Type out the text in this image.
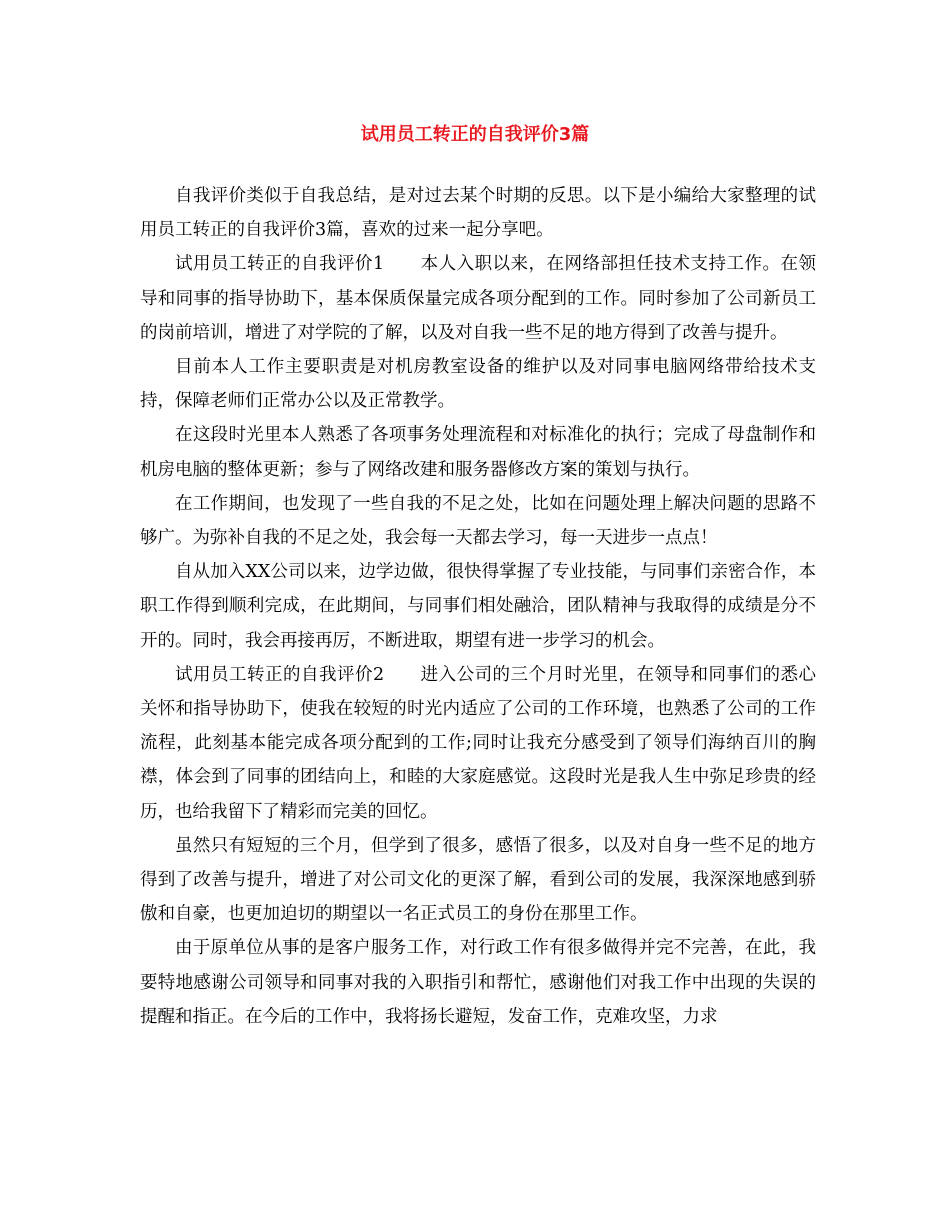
试用员工转正的自我评价3篇

自我评价类似于自我总结，是对过去某个时期的反思。以下是小编给大家整理的试用员工转正的自我评价3篇，喜欢的过来一起分享吧。

试用员工转正的自我评价1　　本人入职以来，在网络部担任技术支持工作。在领导和同事的指导协助下，基本保质保量完成各项分配到的工作。同时参加了公司新员工的岗前培训，增进了对学院的了解，以及对自我一些不足的地方得到了改善与提升。

目前本人工作主要职责是对机房教室设备的维护以及对同事电脑网络带给技术支持，保障老师们正常办公以及正常教学。

在这段时光里本人熟悉了各项事务处理流程和对标准化的执行；完成了母盘制作和机房电脑的整体更新；参与了网络改建和服务器修改方案的策划与执行。

在工作期间，也发现了一些自我的不足之处，比如在问题处理上解决问题的思路不够广。为弥补自我的不足之处，我会每一天都去学习，每一天进步一点点！

自从加入XX公司以来，边学边做，很快得掌握了专业技能，与同事们亲密合作，本职工作得到顺利完成，在此期间，与同事们相处融洽，团队精神与我取得的成绩是分不开的。同时，我会再接再厉，不断进取，期望有进一步学习的机会。

试用员工转正的自我评价2　　进入公司的三个月时光里，在领导和同事们的悉心关怀和指导协助下，使我在较短的时光内适应了公司的工作环境，也熟悉了公司的工作流程，此刻基本能完成各项分配到的工作;同时让我充分感受到了领导们海纳百川的胸襟，体会到了同事的团结向上，和睦的大家庭感觉。这段时光是我人生中弥足珍贵的经历，也给我留下了精彩而完美的回忆。

虽然只有短短的三个月，但学到了很多，感悟了很多，以及对自身一些不足的地方得到了改善与提升，增进了对公司文化的更深了解，看到公司的发展，我深深地感到骄傲和自豪，也更加迫切的期望以一名正式员工的身份在那里工作。

由于原单位从事的是客户服务工作，对行政工作有很多做得并完不完善，在此，我要特地感谢公司领导和同事对我的入职指引和帮忙，感谢他们对我工作中出现的失误的提醒和指正。在今后的工作中，我将扬长避短，发奋工作，克难攻坚，力求
